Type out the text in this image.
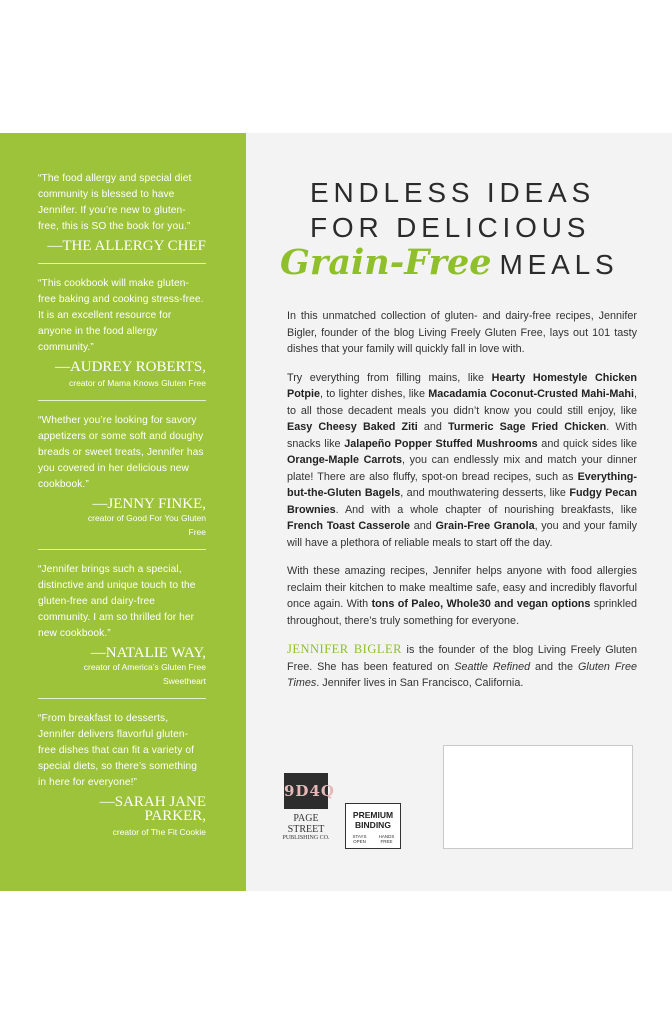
“The food allergy and special diet community is blessed to have Jennifer. If you’re new to gluten-free, this is SO the book for you.”
—THE ALLERGY CHEF
“This cookbook will make gluten-free baking and cooking stress-free. It is an excellent resource for anyone in the food allergy community.”
—AUDREY ROBERTS,
creator of Mama Knows Gluten Free
“Whether you’re looking for savory appetizers or some soft and doughy breads or sweet treats, Jennifer has you covered in her delicious new cookbook.”
—JENNY FINKE, creator of Good For You Gluten Free
“Jennifer brings such a special, distinctive and unique touch to the gluten-free and dairy-free community. I am so thrilled for her new cookbook.”
—NATALIE WAY, creator of America’s Gluten Free Sweetheart
“From breakfast to desserts, Jennifer delivers flavorful gluten-free dishes that can fit a variety of special diets, so there’s something in here for everyone!”
—SARAH JANE PARKER,
creator of The Fit Cookie
ENDLESS IDEAS
FOR DELICIOUS
Grain-Free MEALS

In this unmatched collection of gluten- and dairy-free recipes, Jennifer Bigler, founder of the blog Living Freely Gluten Free, lays out 101 tasty dishes that your family will quickly fall in love with.

Try everything from filling mains, like Hearty Homestyle Chicken Potpie, to lighter dishes, like Macadamia Coconut-Crusted Mahi-Mahi, to all those decadent meals you didn’t know you could still enjoy, like Easy Cheesy Baked Ziti and Turmeric Sage Fried Chicken. With snacks like Jalapeño Popper Stuffed Mushrooms and quick sides like Orange-Maple Carrots, you can endlessly mix and match your dinner plate! There are also fluffy, spot-on bread recipes, such as Everything-but-the-Gluten Bagels, and mouthwatering desserts, like Fudgy Pecan Brownies. And with a whole chapter of nourishing breakfasts, like French Toast Casserole and Grain-Free Granola, you and your family will have a plethora of reliable meals to start off the day.

With these amazing recipes, Jennifer helps anyone with food allergies reclaim their kitchen to make mealtime safe, easy and incredibly flavorful once again. With tons of Paleo, Whole30 and vegan options sprinkled throughout, there’s truly something for everyone.

JENNIFER BIGLER is the founder of the blog Living Freely Gluten Free. She has been featured on Seattle Refined and the Gluten Free Times. Jennifer lives in San Francisco, California.

9D4Q
PAGE STREET
PUBLISHING CO.
PREMIUM BINDING
STAYS OPEN
HANDS FREE
